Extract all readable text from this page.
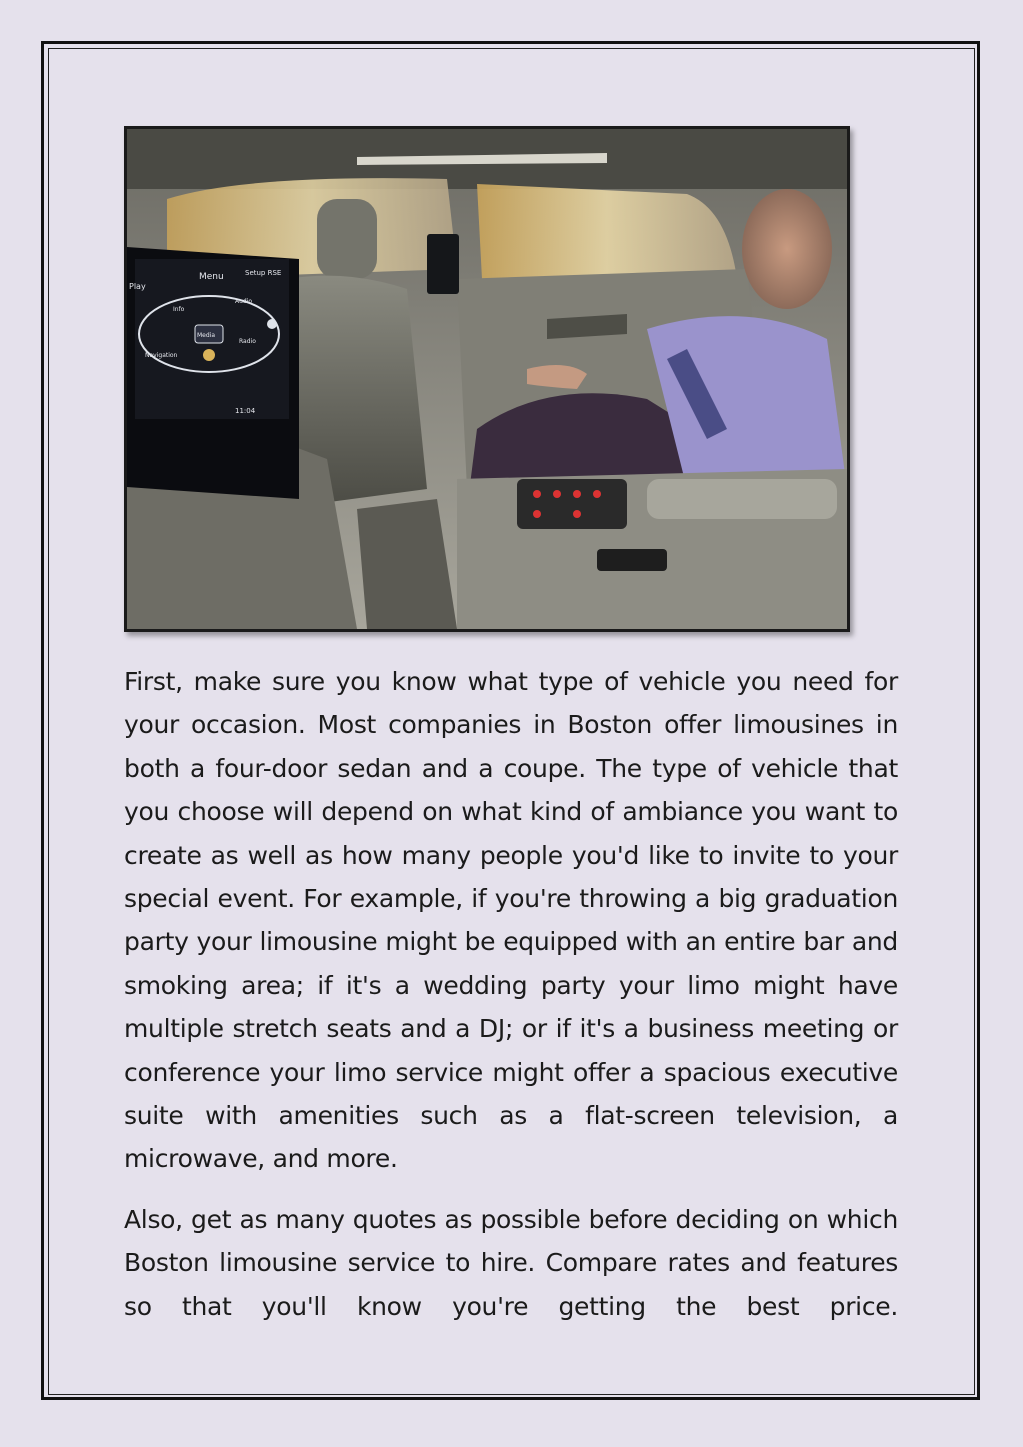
Menu	Setup RSE
Play
Info
Audio
Navigation
Media
Radio
11:04

First, make sure you know what type of vehicle you need for your occasion. Most companies in Boston offer limousines in both a four-door sedan and a coupe. The type of vehicle that you choose will depend on what kind of ambiance you want to create as well as how many people you'd like to invite to your special event. For example, if you're throwing a big graduation party your limousine might be equipped with an entire bar and smoking area; if it's a wedding party your limo might have multiple stretch seats and a DJ; or if it's a business meeting or conference your limo service might offer a spacious executive suite with amenities such as a flat-screen television, a microwave, and more.

Also, get as many quotes as possible before deciding on which Boston limousine service to hire. Compare rates and features so that you'll know you're getting the best price.
